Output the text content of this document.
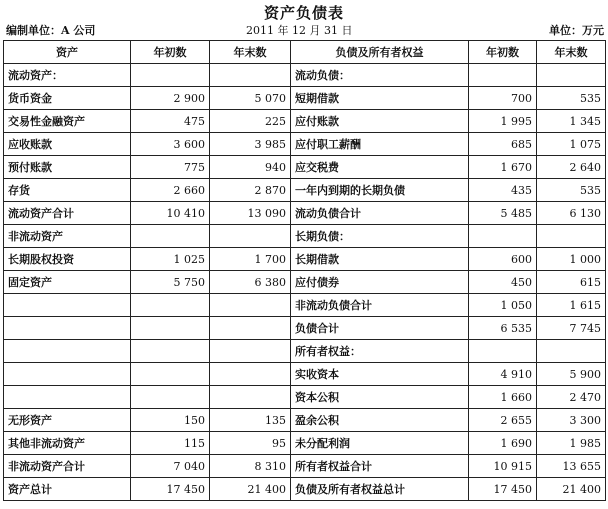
资产负债表
编制单位：A 公司	2011 年 12 月 31 日	单位：万元
资产	年初数	年末数	负债及所有者权益	年初数	年末数
流动资产：			流动负债：		
货币资金	2 900	5 070	短期借款	700	535
交易性金融资产	475	225	应付账款	1 995	1 345
应收账款	3 600	3 985	应付职工薪酬	685	1 075
预付账款	775	940	应交税费	1 670	2 640
存货	2 660	2 870	一年内到期的长期负债	435	535
流动资产合计	10 410	13 090	流动负债合计	5 485	6 130
非流动资产			长期负债：		
长期股权投资	1 025	1 700	长期借款	600	1 000
固定资产	5 750	6 380	应付债券	450	615
			非流动负债合计	1 050	1 615
			负债合计	6 535	7 745
			所有者权益：		
			实收资本	4 910	5 900
			资本公积	1 660	2 470
无形资产	150	135	盈余公积	2 655	3 300
其他非流动资产	115	95	未分配利润	1 690	1 985
非流动资产合计	7 040	8 310	所有者权益合计	10 915	13 655
资产总计	17 450	21 400	负债及所有者权益总计	17 450	21 400
